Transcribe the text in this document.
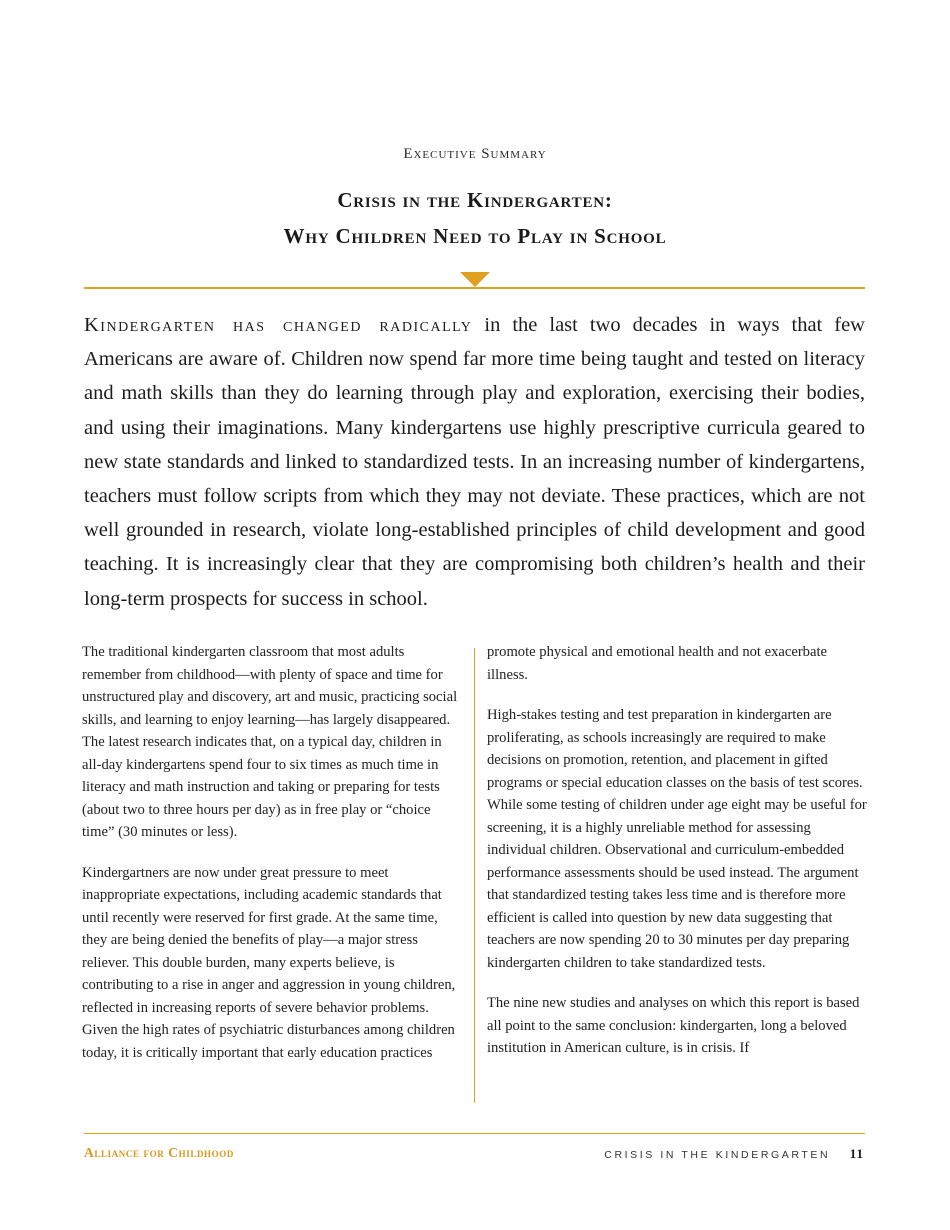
Executive Summary
Crisis in the Kindergarten:
Why Children Need to Play in School

Kindergarten has changed radically in the last two decades in ways that few Americans are aware of. Children now spend far more time being taught and tested on literacy and math skills than they do learning through play and exploration, exercising their bodies, and using their imaginations. Many kindergartens use highly prescriptive curricula geared to new state standards and linked to standardized tests. In an increasing number of kindergartens, teachers must follow scripts from which they may not deviate. These practices, which are not well grounded in research, violate long-established principles of child development and good teaching. It is increasingly clear that they are compromising both children’s health and their long-term prospects for success in school.

The traditional kindergarten classroom that most adults remember from childhood—with plenty of space and time for unstructured play and discovery, art and music, practicing social skills, and learning to enjoy learning—has largely disappeared. The latest research indicates that, on a typical day, children in all-day kindergartens spend four to six times as much time in literacy and math instruction and taking or preparing for tests (about two to three hours per day) as in free play or “choice time” (30 minutes or less).

Kindergartners are now under great pressure to meet inappropriate expectations, including academic standards that until recently were reserved for first grade. At the same time, they are being denied the benefits of play—a major stress reliever. This double burden, many experts believe, is contributing to a rise in anger and aggression in young children, reflected in increasing reports of severe behavior problems. Given the high rates of psychiatric disturbances among children today, it is critically important that early education practices

promote physical and emotional health and not exacerbate illness.

High-stakes testing and test preparation in kindergarten are proliferating, as schools increasingly are required to make decisions on promotion, retention, and placement in gifted programs or special education classes on the basis of test scores. While some testing of children under age eight may be useful for screening, it is a highly unreliable method for assessing individual children. Observational and curriculum-embedded performance assessments should be used instead. The argument that standardized testing takes less time and is therefore more efficient is called into question by new data suggesting that teachers are now spending 20 to 30 minutes per day preparing kindergarten children to take standardized tests.

The nine new studies and analyses on which this report is based all point to the same conclusion: kindergarten, long a beloved institution in American culture, is in crisis. If

Alliance for Childhood	CRISIS IN THE KINDERGARTEN 11
